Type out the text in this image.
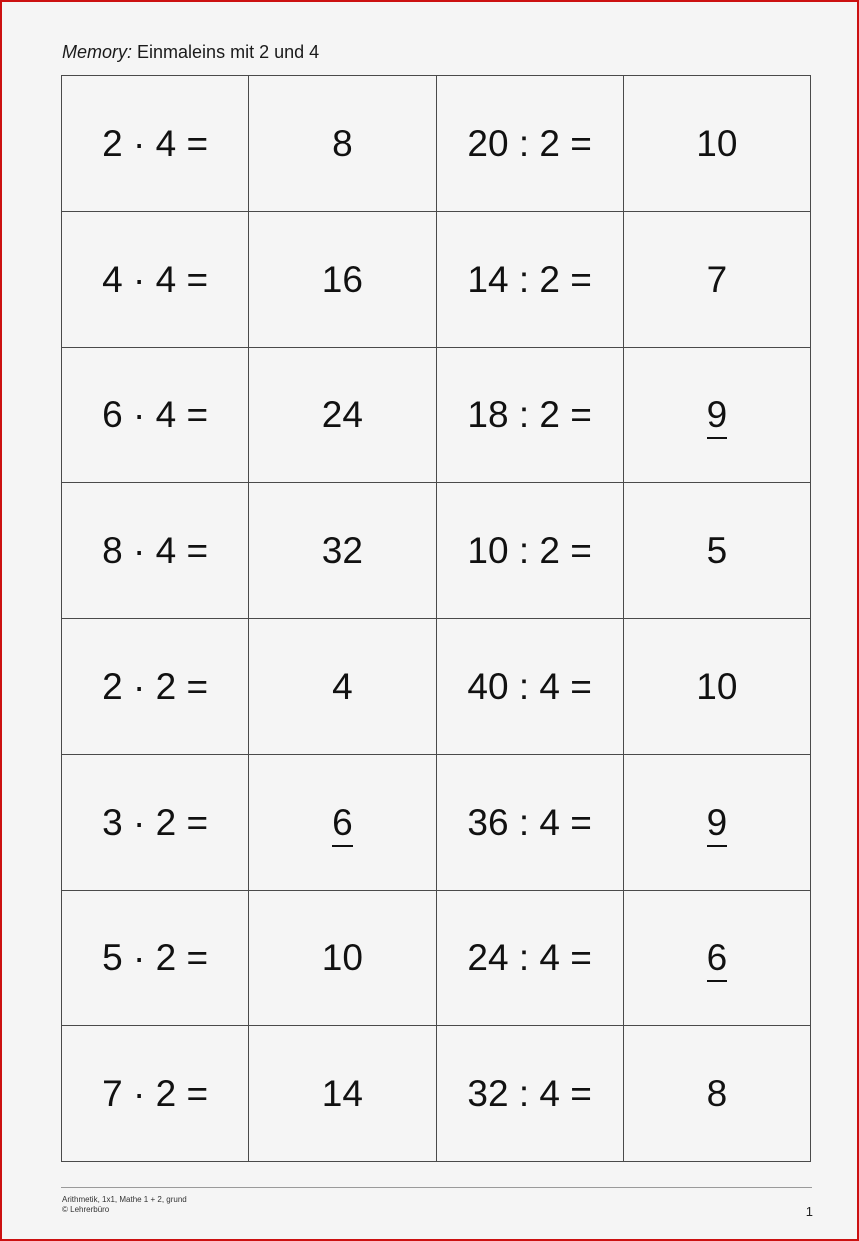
Memory: Einmaleins mit 2 und 4
2 · 4 =	8	20 : 2 =	10
4 · 4 =	16	14 : 2 =	7
6 · 4 =	24	18 : 2 =	9
8 · 4 =	32	10 : 2 =	5
2 · 2 =	4	40 : 4 =	10
3 · 2 =	6	36 : 4 =	9
5 · 2 =	10	24 : 4 =	6
7 · 2 =	14	32 : 4 =	8
Arithmetik, 1x1, Mathe 1 + 2, grund
© Lehrerbüro	1
